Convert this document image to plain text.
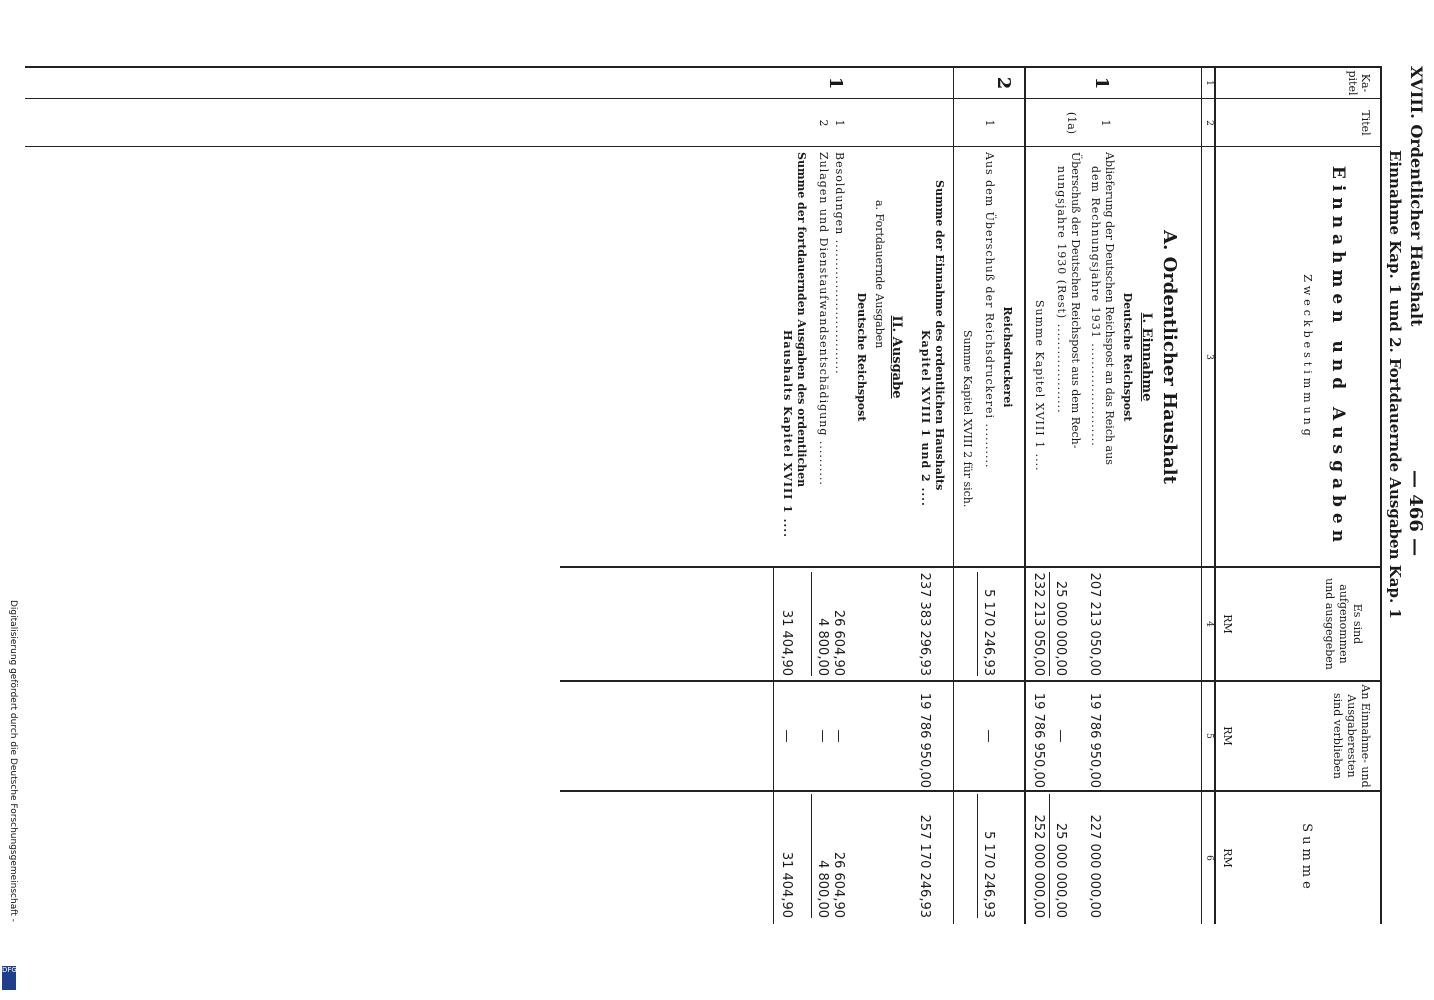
XVIII. Ordentlicher Haushalt
— 466 —
Einnahme Kap. 1 und 2. Fortdauernde Ausgaben Kap. 1
Ka-pitel
Titel
Einnahmen und Ausgaben
Zweckbestimmung
Es sind aufgenommen und ausgegeben
An Einnahme- und Ausgaberesten sind verblieben
Summe
RM
RM
RM
1
2
3
4
5
6
A. Ordentlicher Haushalt
I. Einnahme
Deutsche Reichspost
1
1
Ablieferung der Deutschen Reichspost an das Reich aus
dem Rechnungsjahre 1931 .......................
207 213 050,00
19 786 950,00
227 000 000,00
(1a)
Überschuß der Deutschen Reichspost aus dem Rech-
nungsjahre 1930 (Rest) ....................
25 000 000,00
—
25 000 000,00
Summe Kapitel XVIII 1 ....
232 213 050,00
19 786 950,00
252 000 000,00
2
Reichsdruckerei
1
Aus dem Überschuß der Reichsdruckerei ..........
5 170 246,93
—
5 170 246,93
Summe Kapitel XVIII 2 für sich.
Summe der Einnahme des ordentlichen Haushalts
Kapitel XVIII 1 und 2 ....
237 383 296,93
19 786 950,00
257 170 246,93
II. Ausgabe
a. Fortdauernde Ausgaben
Deutsche Reichspost
1
1
Besoldungen ..............................
26 604,90
—
26 604,90
2
Zulagen und Dienstaufwandsentschädigung ..........
4 800,00
—
4 800,00
Summe der fortdauernden Ausgaben des ordentlichen
Haushalts Kapitel XVIII 1 ....
31 404,90
—
31 404,90
Digitalisierung gefördert durch die Deutsche Forschungsgemeinschaft -
DFG
